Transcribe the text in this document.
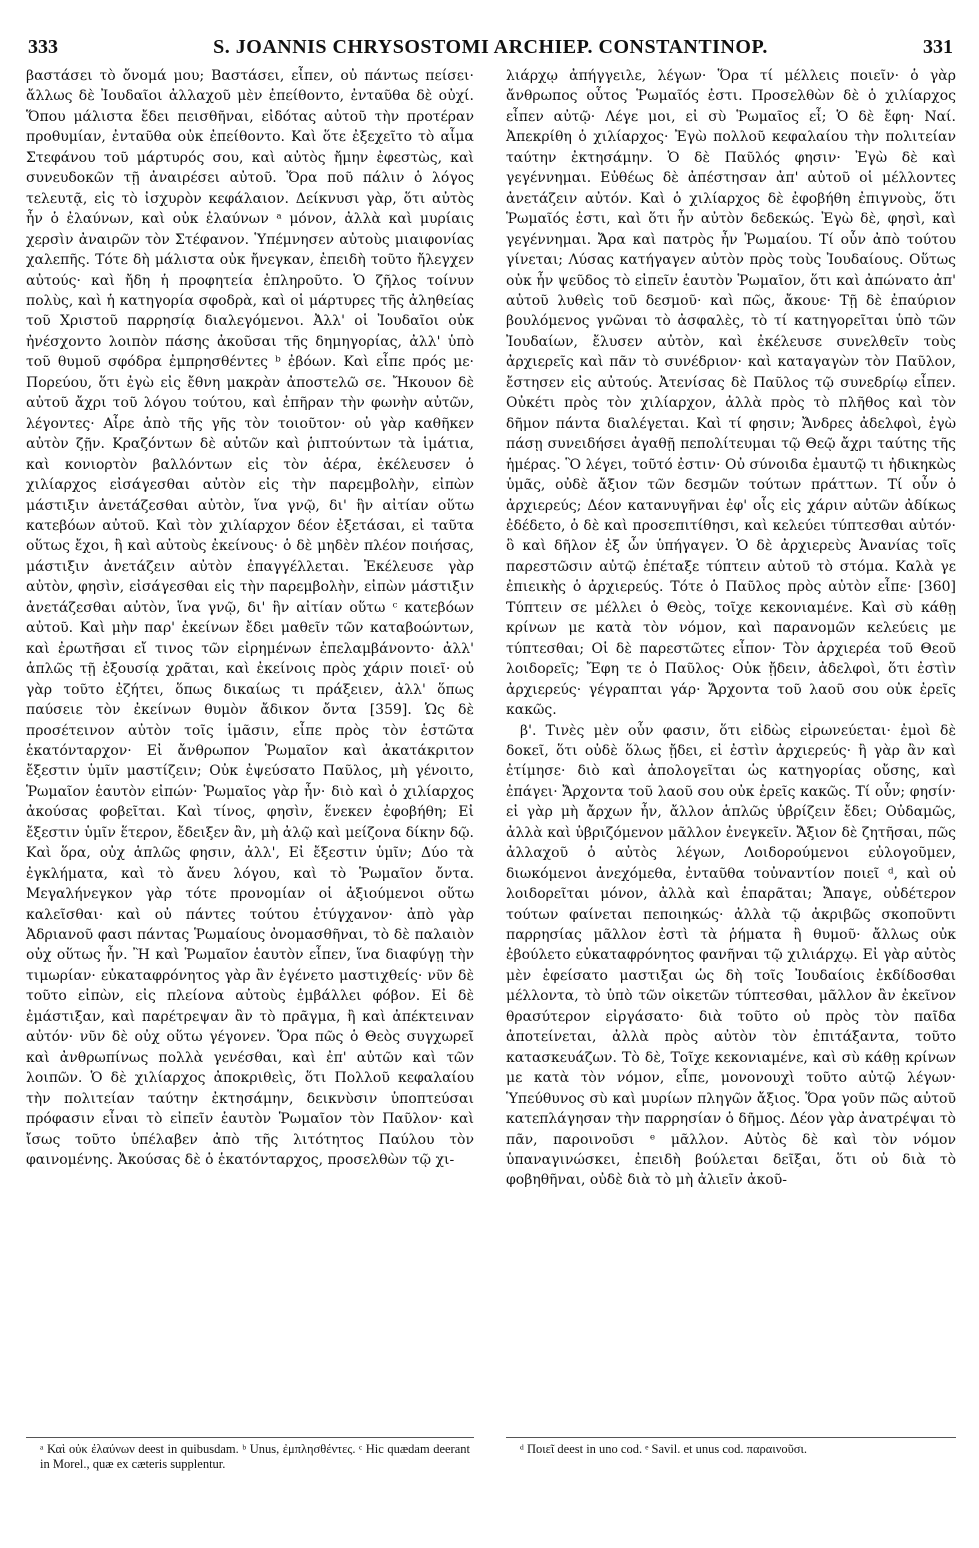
333	S. JOANNIS CHRYSOSTOMI ARCHIEP. CONSTANTINOP.	331

βαστάσει τὸ ὄνομά μου; Βαστάσει, εἶπεν, οὐ πάντως πείσει· ἄλλως δὲ Ἰουδαῖοι ἀλλαχοῦ μὲν ἐπείθοντο, ἐνταῦθα δὲ οὐχί. Ὅπου μάλιστα ἔδει πεισθῆναι, εἰδότας αὐτοῦ τὴν προτέραν προθυμίαν, ἐνταῦθα οὐκ ἐπείθοντο. Καὶ ὅτε ἐξεχεῖτο τὸ αἷμα Στεφάνου τοῦ μάρτυρός σου, καὶ αὐτὸς ἤμην ἐφεστὼς, καὶ συνευδοκῶν τῇ ἀναιρέσει αὐτοῦ. Ὅρα ποῦ πάλιν ὁ λόγος τελευτᾷ, εἰς τὸ ἰσχυρὸν κεφάλαιον. Δείκνυσι γὰρ, ὅτι αὐτὸς ἦν ὁ ἐλαύνων, καὶ οὐκ ἐλαύνων ᵃ μόνον, ἀλλὰ καὶ μυρίαις χερσὶν ἀναιρῶν τὸν Στέφανον. Ὑπέμνησεν αὐτοὺς μιαιφονίας χαλεπῆς. Τότε δὴ μάλιστα οὐκ ἤνεγκαν, ἐπειδὴ τοῦτο ἤλεγχεν αὐτούς· καὶ ἤδη ἡ προφητεία ἐπληροῦτο. Ὁ ζῆλος τοίνυν πολὺς, καὶ ἡ κατηγορία σφοδρὰ, καὶ οἱ μάρτυρες τῆς ἀληθείας τοῦ Χριστοῦ παρρησίᾳ διαλεγόμενοι. Ἀλλ' οἱ Ἰουδαῖοι οὐκ ἠνέσχοντο λοιπὸν πάσης ἀκοῦσαι τῆς δημηγορίας, ἀλλ' ὑπὸ τοῦ θυμοῦ σφόδρα ἐμπρησθέντες ᵇ ἐβόων. Καὶ εἶπε πρός με· Πορεύου, ὅτι ἐγὼ εἰς ἔθνη μακρὰν ἀποστελῶ σε. Ἤκουον δὲ αὐτοῦ ἄχρι τοῦ λόγου τούτου, καὶ ἐπῆραν τὴν φωνὴν αὐτῶν, λέγοντες· Αἶρε ἀπὸ τῆς γῆς τὸν τοιοῦτον· οὐ γὰρ καθῆκεν αὐτὸν ζῇν. Κραζόντων δὲ αὐτῶν καὶ ῥιπτούντων τὰ ἱμάτια, καὶ κονιορτὸν βαλλόντων εἰς τὸν ἀέρα, ἐκέλευσεν ὁ χιλίαρχος εἰσάγεσθαι αὐτὸν εἰς τὴν παρεμβολὴν, εἰπὼν μάστιξιν ἀνετάζεσθαι αὐτὸν, ἵνα γνῷ, δι' ἣν αἰτίαν οὕτω κατεβόων αὐτοῦ. Καὶ τὸν χιλίαρχον δέον ἐξετάσαι, εἰ ταῦτα οὕτως ἔχοι, ἢ καὶ αὐτοὺς ἐκείνους· ὁ δὲ μηδὲν πλέον ποιήσας, μάστιξιν ἀνετάζειν αὐτὸν ἐπαγγέλλεται. Ἐκέλευσε γὰρ αὐτὸν, φησὶν, εἰσάγεσθαι εἰς τὴν παρεμβολὴν, εἰπὼν μάστιξιν ἀνετάζεσθαι αὐτὸν, ἵνα γνῷ, δι' ἣν αἰτίαν οὕτω ᶜ κατεβόων αὐτοῦ. Καὶ μὴν παρ' ἐκείνων ἔδει μαθεῖν τῶν καταβοώντων, καὶ ἐρωτῆσαι εἴ τινος τῶν εἰρημένων ἐπελαμβάνοντο· ἀλλ' ἁπλῶς τῇ ἐξουσίᾳ χρᾶται, καὶ ἐκείνοις πρὸς χάριν ποιεῖ· οὐ γὰρ τοῦτο ἐζήτει, ὅπως δικαίως τι πράξειεν, ἀλλ' ὅπως παύσειε τὸν ἐκείνων θυμὸν ἄδικον ὄντα [359]. Ὡς δὲ προσέτεινον αὐτὸν τοῖς ἱμᾶσιν, εἶπε πρὸς τὸν ἑστῶτα ἑκατόνταρχον· Εἰ ἄνθρωπον Ῥωμαῖον καὶ ἀκατάκριτον ἔξεστιν ὑμῖν μαστίζειν; Οὐκ ἐψεύσατο Παῦλος, μὴ γένοιτο, Ῥωμαῖον ἑαυτὸν εἰπών· Ῥωμαῖος γὰρ ἦν· διὸ καὶ ὁ χιλίαρχος ἀκούσας φοβεῖται. Καὶ τίνος, φησὶν, ἕνεκεν ἐφοβήθη; Εἰ ἔξεστιν ὑμῖν ἕτερον, ἔδειξεν ἂν, μὴ ἀλῷ καὶ μείζονα δίκην δῷ. Καὶ ὅρα, οὐχ ἁπλῶς φησιν, ἀλλ', Εἰ ἔξεστιν ὑμῖν; Δύο τὰ ἐγκλήματα, καὶ τὸ ἄνευ λόγου, καὶ τὸ Ῥωμαῖον ὄντα. Μεγαλήνεγκον γὰρ τότε προνομίαν οἱ ἀξιούμενοι οὕτω καλεῖσθαι· καὶ οὐ πάντες τούτου ἐτύγχανον· ἀπὸ γὰρ Ἀδριανοῦ φασι πάντας Ῥωμαίους ὀνομασθῆναι, τὸ δὲ παλαιὸν οὐχ οὕτως ἦν. Ἢ καὶ Ῥωμαῖον ἑαυτὸν εἶπεν, ἵνα διαφύγῃ τὴν τιμωρίαν· εὐκαταφρόνητος γὰρ ἂν ἐγένετο μαστιχθείς· νῦν δὲ τοῦτο εἰπὼν, εἰς πλείονα αὐτοὺς ἐμβάλλει φόβον. Εἰ δὲ ἐμάστιξαν, καὶ παρέτρεψαν ἂν τὸ πρᾶγμα, ἢ καὶ ἀπέκτειναν αὐτόν· νῦν δὲ οὐχ οὕτω γέγονεν. Ὅρα πῶς ὁ Θεὸς συγχωρεῖ καὶ ἀνθρωπίνως πολλὰ γενέσθαι, καὶ ἐπ' αὐτῶν καὶ τῶν λοιπῶν. Ὁ δὲ χιλίαρχος ἀποκριθεὶς, ὅτι Πολλοῦ κεφαλαίου τὴν πολιτείαν ταύτην ἐκτησάμην, δεικνὺσιν ὑποπτεύσαι πρόφασιν εἶναι τὸ εἰπεῖν ἑαυτὸν Ῥωμαῖον τὸν Παῦλον· καὶ ἴσως τοῦτο ὑπέλαβεν ἀπὸ τῆς λιτότητος Παύλου τὸν φαινομένης. Ἀκούσας δὲ ὁ ἑκατόνταρχος, προσελθὼν τῷ χι-

λιάρχῳ ἀπήγγειλε, λέγων· Ὅρα τί μέλλεις ποιεῖν· ὁ γὰρ ἄνθρωπος οὗτος Ῥωμαῖός ἐστι. Προσελθὼν δὲ ὁ χιλίαρχος εἶπεν αὐτῷ· Λέγε μοι, εἰ σὺ Ῥωμαῖος εἶ; Ὁ δὲ ἔφη· Ναί. Ἀπεκρίθη ὁ χιλίαρχος· Ἐγὼ πολλοῦ κεφαλαίου τὴν πολιτείαν ταύτην ἐκτησάμην. Ὁ δὲ Παῦλός φησιν· Ἐγὼ δὲ καὶ γεγέννημαι. Εὐθέως δὲ ἀπέστησαν ἀπ' αὐτοῦ οἱ μέλλοντες ἀνετάζειν αὐτόν. Καὶ ὁ χιλίαρχος δὲ ἐφοβήθη ἐπιγνοὺς, ὅτι Ῥωμαῖός ἐστι, καὶ ὅτι ἦν αὐτὸν δεδεκώς. Ἐγὼ δὲ, φησὶ, καὶ γεγέννημαι. Ἄρα καὶ πατρὸς ἦν Ῥωμαίου. Τί οὖν ἀπὸ τούτου γίνεται; Λύσας κατήγαγεν αὐτὸν πρὸς τοὺς Ἰουδαίους. Οὕτως οὐκ ἦν ψεῦδος τὸ εἰπεῖν ἑαυτὸν Ῥωμαῖον, ὅτι καὶ ἀπώνατο ἀπ' αὐτοῦ λυθεὶς τοῦ δεσμοῦ· καὶ πῶς, ἄκουε· Τῇ δὲ ἐπαύριον βουλόμενος γνῶναι τὸ ἀσφαλὲς, τὸ τί κατηγορεῖται ὑπὸ τῶν Ἰουδαίων, ἔλυσεν αὐτὸν, καὶ ἐκέλευσε συνελθεῖν τοὺς ἀρχιερεῖς καὶ πᾶν τὸ συνέδριον· καὶ καταγαγὼν τὸν Παῦλον, ἔστησεν εἰς αὐτούς. Ἀτενίσας δὲ Παῦλος τῷ συνεδρίῳ εἶπεν. Οὐκέτι πρὸς τὸν χιλίαρχον, ἀλλὰ πρὸς τὸ πλῆθος καὶ τὸν δῆμον πάντα διαλέγεται. Καὶ τί φησιν; Ἄνδρες ἀδελφοὶ, ἐγὼ πάσῃ συνειδήσει ἀγαθῇ πεπολίτευμαι τῷ Θεῷ ἄχρι ταύτης τῆς ἡμέρας. Ὃ λέγει, τοῦτό ἐστιν· Οὐ σύνοιδα ἐμαυτῷ τι ἠδικηκὼς ὑμᾶς, οὐδὲ ἄξιον τῶν δεσμῶν τούτων πράττων. Τί οὖν ὁ ἀρχιερεύς; Δέον κατανυγῆναι ἐφ' οἷς εἰς χάριν αὐτῶν ἀδίκως ἐδέδετο, ὁ δὲ καὶ προσεπιτίθησι, καὶ κελεύει τύπτεσθαι αὐτόν· ὃ καὶ δῆλον ἐξ ὧν ὑπήγαγεν. Ὁ δὲ ἀρχιερεὺς Ἀνανίας τοῖς παρεστῶσιν αὐτῷ ἐπέταξε τύπτειν αὐτοῦ τὸ στόμα. Καλὰ γε ἐπιεικὴς ὁ ἀρχιερεύς. Τότε ὁ Παῦλος πρὸς αὐτὸν εἶπε· [360] Τύπτειν σε μέλλει ὁ Θεὸς, τοῖχε κεκονιαμένε. Καὶ σὺ κάθῃ κρίνων με κατὰ τὸν νόμον, καὶ παρανομῶν κελεύεις με τύπτεσθαι; Οἱ δὲ παρεστῶτες εἶπον· Τὸν ἀρχιερέα τοῦ Θεοῦ λοιδορεῖς; Ἔφη τε ὁ Παῦλος· Οὐκ ᾔδειν, ἀδελφοὶ, ὅτι ἐστὶν ἀρχιερεύς· γέγραπται γάρ· Ἄρχοντα τοῦ λαοῦ σου οὐκ ἐρεῖς κακῶς.

β'. Τινὲς μὲν οὖν φασιν, ὅτι εἰδὼς εἰρωνεύεται· ἐμοὶ δὲ δοκεῖ, ὅτι οὐδὲ ὅλως ᾔδει, εἰ ἐστὶν ἀρχιερεύς· ἢ γὰρ ἂν καὶ ἐτίμησε· διὸ καὶ ἀπολογεῖται ὡς κατηγορίας οὔσης, καὶ ἐπάγει· Ἄρχοντα τοῦ λαοῦ σου οὐκ ἐρεῖς κακῶς. Τί οὖν; φησίν· εἰ γὰρ μὴ ἄρχων ἦν, ἄλλον ἁπλῶς ὑβρίζειν ἔδει; Οὐδαμῶς, ἀλλὰ καὶ ὑβριζόμενον μᾶλλον ἐνεγκεῖν. Ἄξιον δὲ ζητῆσαι, πῶς ἀλλαχοῦ ὁ αὐτὸς λέγων, Λοιδορούμενοι εὐλογοῦμεν, διωκόμενοι ἀνεχόμεθα, ἐνταῦθα τοὐναντίον ποιεῖ ᵈ, καὶ οὐ λοιδορεῖται μόνον, ἀλλὰ καὶ ἐπαρᾶται; Ἄπαγε, οὐδέτερον τούτων φαίνεται πεποιηκώς· ἀλλὰ τῷ ἀκριβῶς σκοποῦντι παρρησίας μᾶλλον ἐστὶ τὰ ῥήματα ἢ θυμοῦ· ἄλλως οὐκ ἐβούλετο εὐκαταφρόνητος φανῆναι τῷ χιλιάρχῳ. Εἰ γὰρ αὐτὸς μὲν ἐφείσατο μαστιξαι ὡς δὴ τοῖς Ἰουδαίοις ἐκδίδοσθαι μέλλοντα, τὸ ὑπὸ τῶν οἰκετῶν τύπτεσθαι, μᾶλλον ἂν ἐκεῖνον θρασύτερον εἰργάσατο· διὰ τοῦτο οὐ πρὸς τὸν παῖδα ἀποτείνεται, ἀλλὰ πρὸς αὐτὸν τὸν ἐπιτάξαντα, τοῦτο κατασκευάζων. Τὸ δὲ, Τοῖχε κεκονιαμένε, καὶ σὺ κάθῃ κρίνων με κατὰ τὸν νόμον, εἶπε, μονονουχὶ τοῦτο αὐτῷ λέγων· Ὑπεύθυνος σὺ καὶ μυρίων πληγῶν ἄξιος. Ὅρα γοῦν πῶς αὐτοῦ κατεπλάγησαν τὴν παρρησίαν ὁ δῆμος. Δέον γὰρ ἀνατρέψαι τὸ πᾶν, παροινοῦσι ᵉ μᾶλλον. Αὐτὸς δὲ καὶ τὸν νόμον ὑπαναγινώσκει, ἐπειδὴ βούλεται δεῖξαι, ὅτι οὐ διὰ τὸ φοβηθῆναι, οὐδὲ διὰ τὸ μὴ ἀλιεῖν ἀκοῦ-

ᵃ Καὶ οὐκ ἐλαύνων deest in quibusdam. ᵇ Unus, ἐμπλησθέντες. ᶜ Hic quædam deerant in Morel., quæ ex cæteris supplentur.

ᵈ Ποιεῖ deest in uno cod. ᵉ Savil. et unus cod. παραινοῦσι.
